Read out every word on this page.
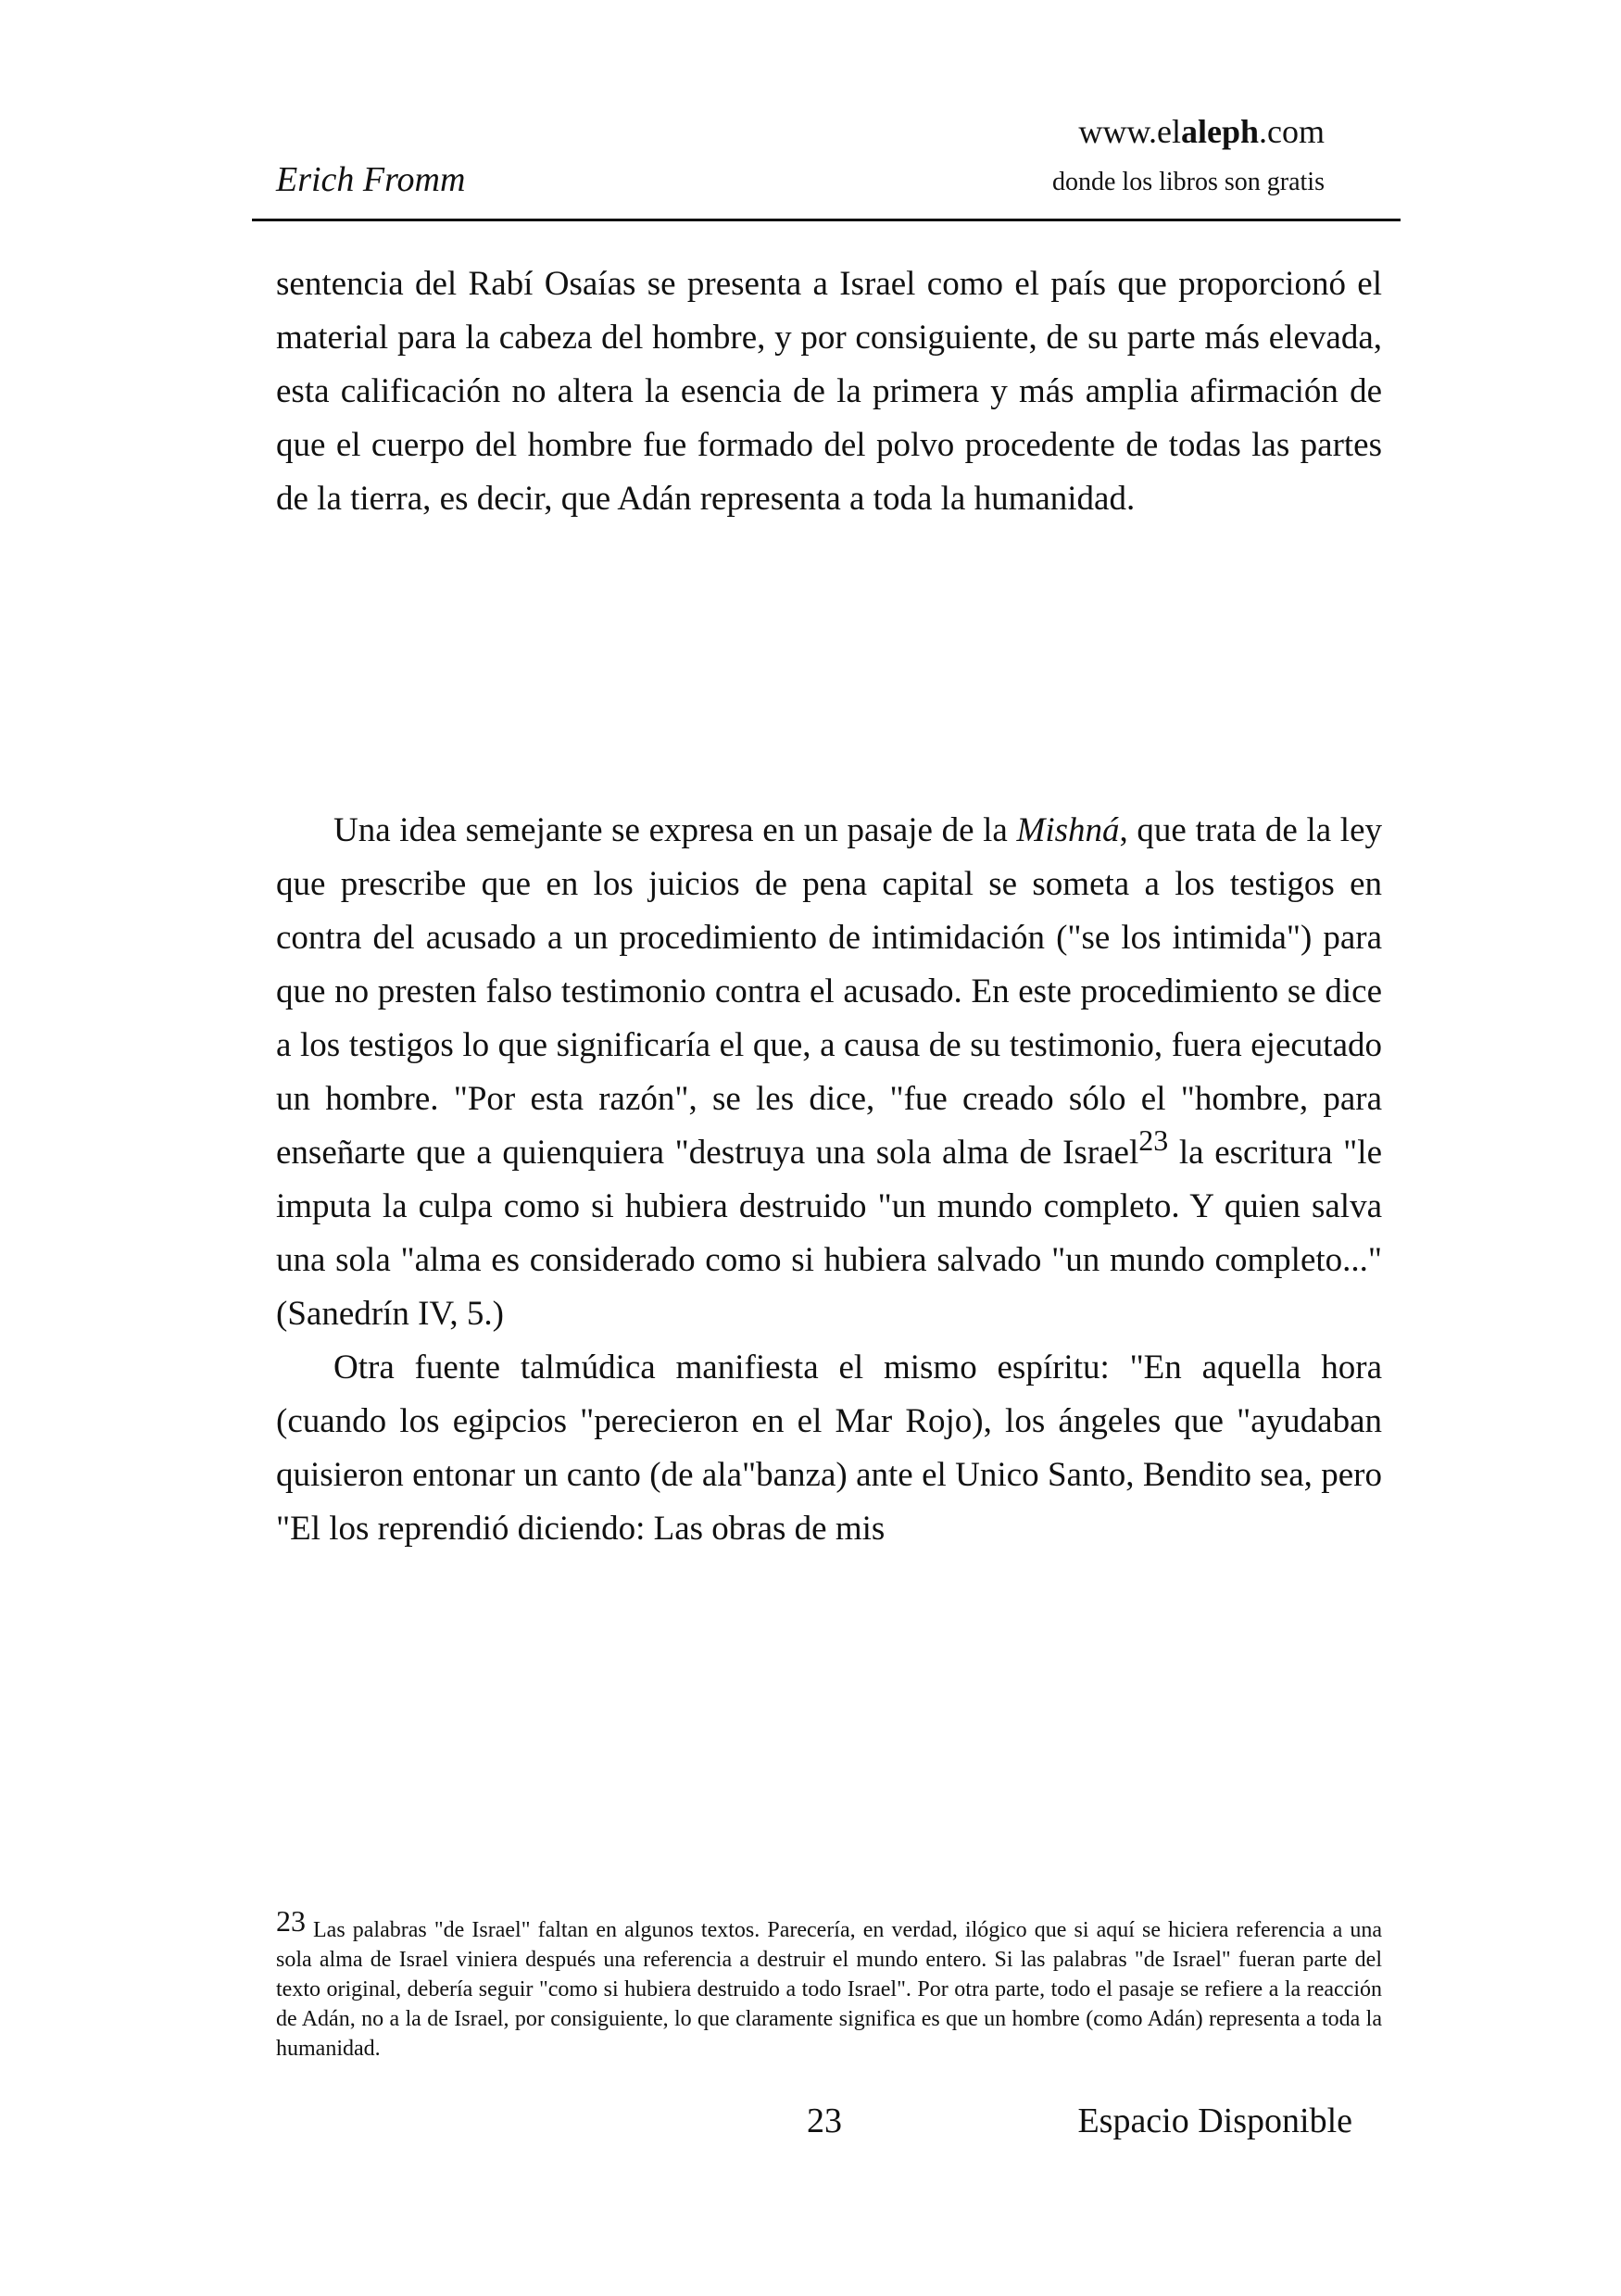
www.elaleph.com
Erich Fromm	donde los libros son gratis

sentencia del Rabí Osaías se presenta a Israel como el país que proporcionó el material para la cabeza del hombre, y por consiguiente, de su parte más elevada, esta calificación no altera la esencia de la primera y más amplia afirmación de que el cuerpo del hombre fue formado del polvo procedente de todas las partes de la tierra, es decir, que Adán representa a toda la humanidad.

Una idea semejante se expresa en un pasaje de la Mishná, que trata de la ley que prescribe que en los juicios de pena capital se someta a los testigos en contra del acusado a un procedimiento de intimidación ("se los intimida") para que no presten falso testimonio contra el acusado. En este procedimiento se dice a los testigos lo que significaría el que, a causa de su testimonio, fuera ejecutado un hombre. "Por esta razón", se les dice, "fue creado sólo el "hombre, para enseñarte que a quienquiera "destruya una sola alma de Israel23 la escritura "le imputa la culpa como si hubiera destruido "un mundo completo. Y quien salva una sola "alma es considerado como si hubiera salvado "un mundo completo..." (Sanedrín IV, 5.)

Otra fuente talmúdica manifiesta el mismo espíritu: "En aquella hora (cuando los egipcios "perecieron en el Mar Rojo), los ángeles que "ayudaban quisieron entonar un canto (de ala"banza) ante el Unico Santo, Bendito sea, pero "El los reprendió diciendo: Las obras de mis

23 Las palabras "de Israel" faltan en algunos textos. Parecería, en verdad, ilógico que si aquí se hiciera referencia a una sola alma de Israel viniera después una referencia a destruir el mundo entero. Si las palabras "de Israel" fueran parte del texto original, debería seguir "como si hubiera destruido a todo Israel". Por otra parte, todo el pasaje se refiere a la reacción de Adán, no a la de Israel, por consiguiente, lo que claramente significa es que un hombre (como Adán) representa a toda la humanidad.
23	Espacio Disponible
